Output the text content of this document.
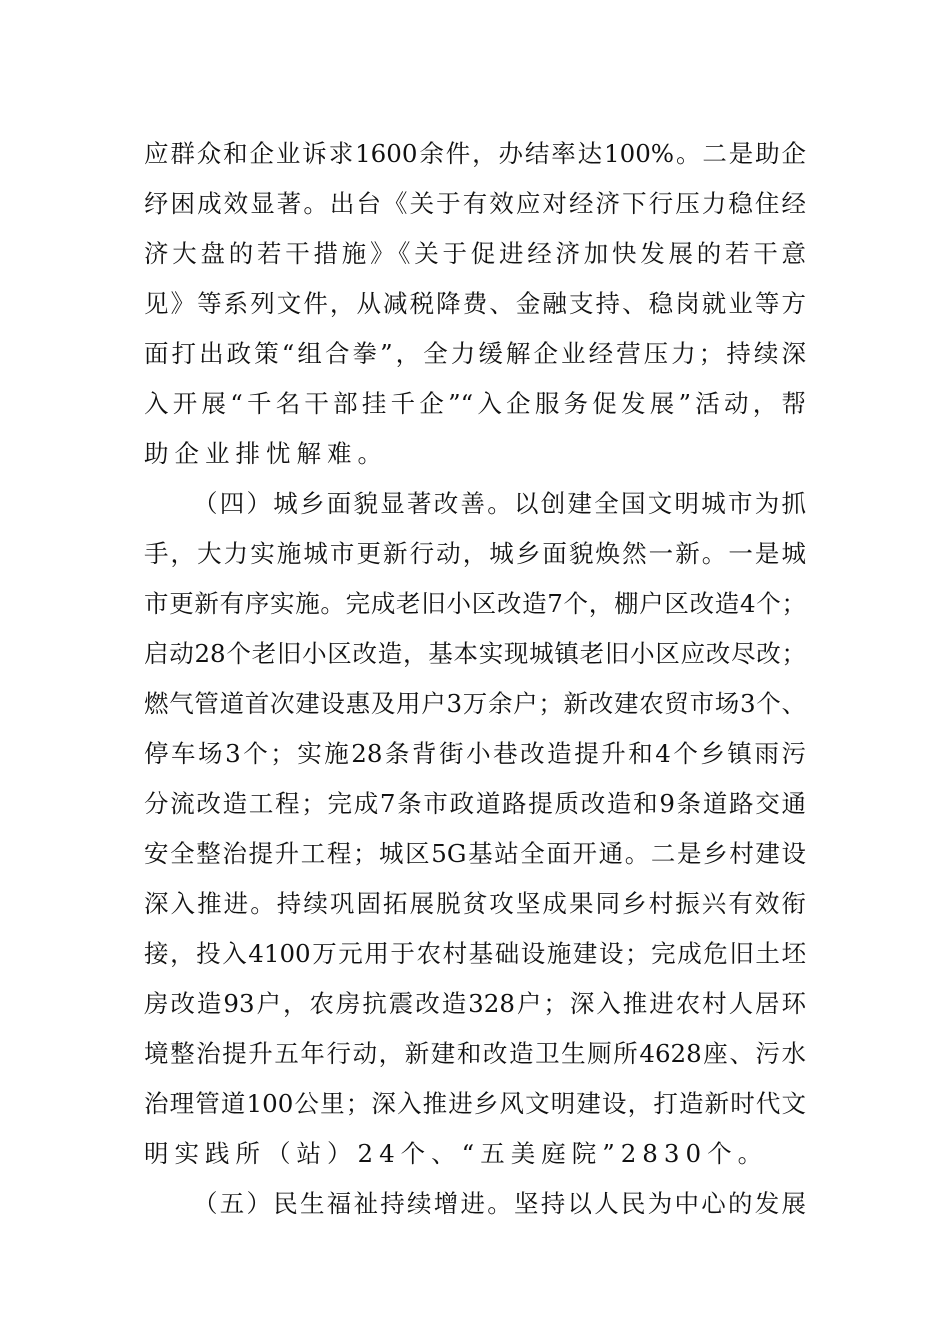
应群众和企业诉求1600余件，办结率达100%。二是助企
纾困成效显著。出台《关于有效应对经济下行压力稳住经
济大盘的若干措施》《关于促进经济加快发展的若干意
见》等系列文件，从减税降费、金融支持、稳岗就业等方
面打出政策“组合拳”，全力缓解企业经营压力；持续深
入开展“千名干部挂千企”“入企服务促发展”活动，帮
助企业排忧解难。
（四）城乡面貌显著改善。以创建全国文明城市为抓
手，大力实施城市更新行动，城乡面貌焕然一新。一是城
市更新有序实施。完成老旧小区改造7个，棚户区改造4个；
启动28个老旧小区改造，基本实现城镇老旧小区应改尽改；
燃气管道首次建设惠及用户3万余户；新改建农贸市场3个、
停车场3个；实施28条背街小巷改造提升和4个乡镇雨污
分流改造工程；完成7条市政道路提质改造和9条道路交通
安全整治提升工程；城区5G基站全面开通。二是乡村建设
深入推进。持续巩固拓展脱贫攻坚成果同乡村振兴有效衔
接，投入4100万元用于农村基础设施建设；完成危旧土坯
房改造93户，农房抗震改造328户；深入推进农村人居环
境整治提升五年行动，新建和改造卫生厕所4628座、污水
治理管道100公里；深入推进乡风文明建设，打造新时代文
明实践所（站）24个、“五美庭院”2830个。
（五）民生福祉持续增进。坚持以人民为中心的发展
